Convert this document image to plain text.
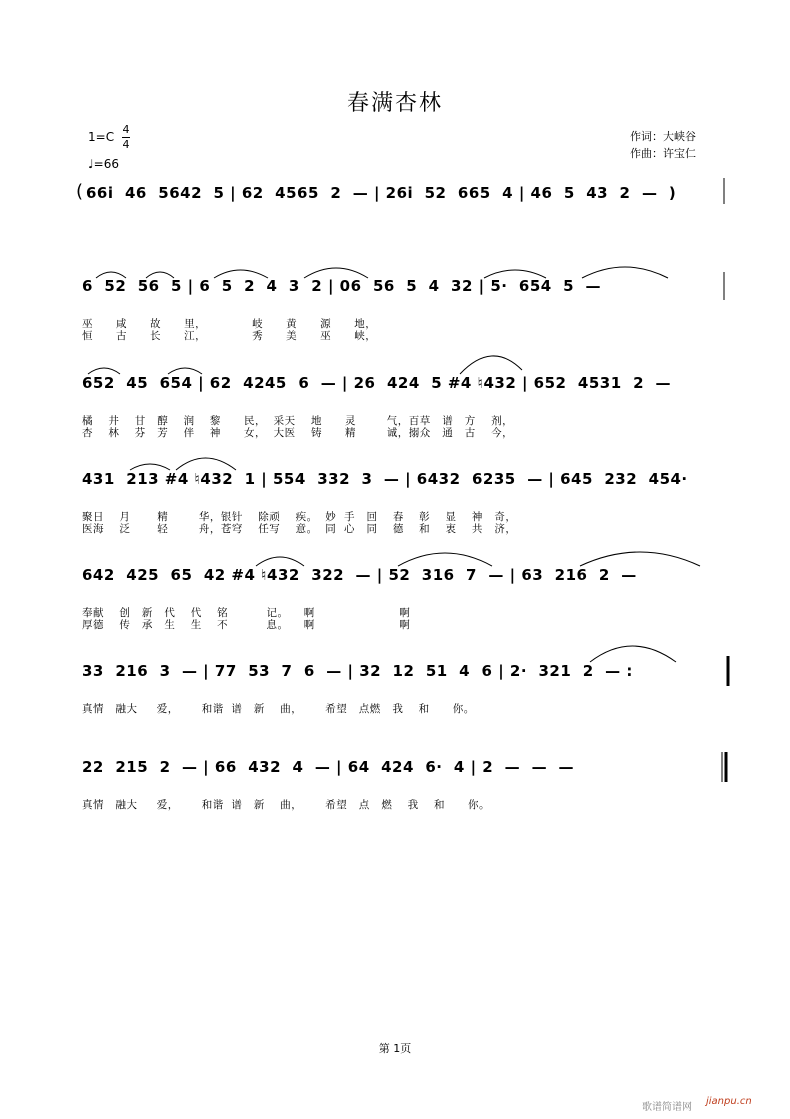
春满杏林
1=C
4
4
♩=66
作词：大峡谷
作曲：许宝仁
( 66i  46  5642  5 | 62  4565  2  — | 26i  52  665  4 | 46  5  43  2  —  )
6  52  56  5 | 6  5  2  4  3  2 | 06  56  5  4  32 | 5·  654  5  —
巫      咸      故      里，            岐      黄      源      地，
恒      古      长      江，            秀      美      巫      峡，
652  45  654 | 62  4245  6  — | 26  424  5 #4 ♮432 | 652  4531  2  —
橘    井    甘   醇    润    黎      民，  采天    地      灵        气，百草   谱   方    剂，
杏    林    芬   芳    伴    神      女，  大医    铸      精        诚，搦众   通   古    今，
431  213 #4 ♮432  1 | 554  332  3  — | 6432  6235  — | 645  232  454·
聚日    月       精        华，银针    除顽    疾。  妙  手   回    春    彰    显    神   奇，
医海    泛       轻        舟，苍穹    任写    意。  同  心   同    德    和    衷    共   济，
642  425  65  42 #4 ♮432  322  — | 52  316  7  — | 63  216  2  —
奉献    创   新   代    代    铭          记。    啊                      啊
厚德    传   承   生    生    不          息。    啊                      啊
33  216  3  — | 77  53  7  6  — | 32  12  51  4  6 | 2·  321  2  — :
真情   融大     爱，      和谐  谱   新    曲，      希望   点燃   我    和      你。
22  215  2  — | 66  432  4  — | 64  424  6·  4 | 2  —  —  —
真情   融大     爱，      和谐  谱   新    曲，      希望   点   燃    我    和      你。
第 1页
歌谱简谱网
jianpu.cn
